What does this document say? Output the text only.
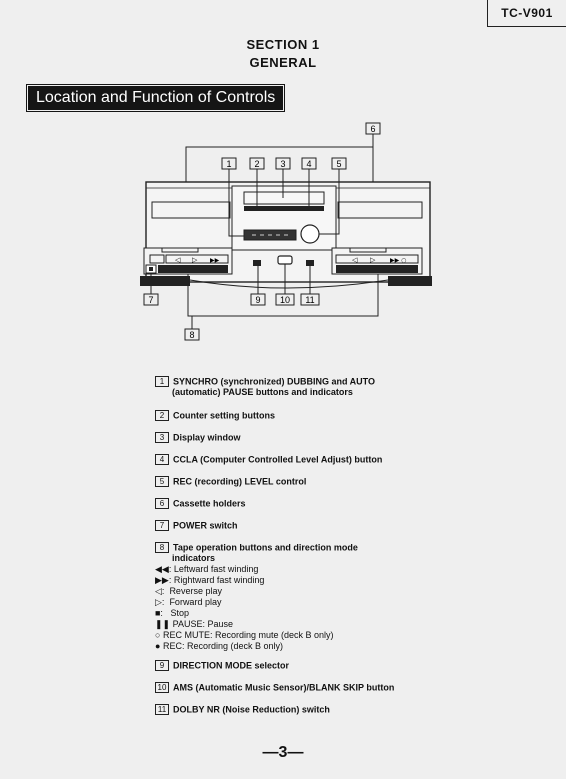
TC-V901
SECTION 1
GENERAL
Location and Function of Controls
6
1	2 3 4	5
◁ ▷ ▶▶	◁ ▷ ▶▶ ○
7	9 10 11
8
1 SYNCHRO (synchronized) DUBBING and AUTO
(automatic) PAUSE buttons and indicators
2 Counter setting buttons
3 Display window
4 CCLA (Computer Controlled Level Adjust) button
5 REC (recording) LEVEL control
6 Cassette holders
7 POWER switch
8 Tape operation buttons and direction mode
indicators
◀◀: Leftward fast winding
▶▶: Rightward fast winding
◁: Reverse play
▷: Forward play
■: Stop
❚❚ PAUSE: Pause
○ REC MUTE: Recording mute (deck B only)
● REC: Recording (deck B only)
9 DIRECTION MODE selector
10 AMS (Automatic Music Sensor)/BLANK SKIP button
11 DOLBY NR (Noise Reduction) switch
—3—
